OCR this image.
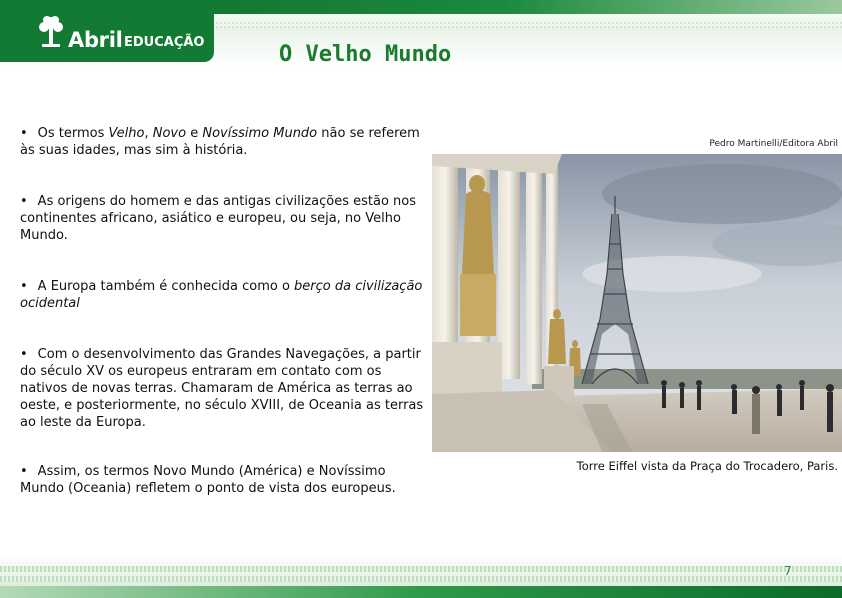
Abril EDUCAÇÃO	O Velho Mundo
• Os termos Velho, Novo e Novíssimo Mundo não se referem às suas idades, mas sim à história.
• As origens do homem e das antigas civilizações estão nos continentes africano, asiático e europeu, ou seja, no Velho Mundo.
• A Europa também é conhecida como o berço da civilização ocidental
• Com o desenvolvimento das Grandes Navegações, a partir do século XV os europeus entraram em contato com os nativos de novas terras. Chamaram de América as terras ao oeste, e posteriormente, no século XVIII, de Oceania as terras ao leste da Europa.
• Assim, os termos Novo Mundo (América) e Novíssimo Mundo (Oceania) refletem o ponto de vista dos europeus.
Pedro Martinelli/Editora Abril
Torre Eiffel vista da Praça do Trocadero, Paris.
7
